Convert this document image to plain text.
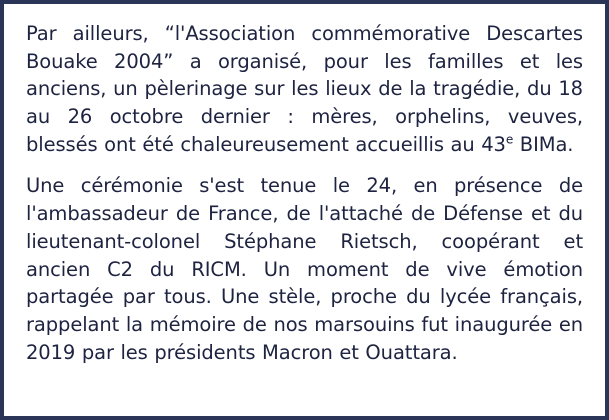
Par ailleurs, “l'Association commémorative Descartes Bouake 2004” a organisé, pour les familles et les anciens, un pèlerinage sur les lieux de la tragédie, du 18 au 26 octobre dernier : mères, orphelins, veuves, blessés ont été chaleureusement accueillis au 43e BIMa.

Une cérémonie s'est tenue le 24, en présence de l'ambassadeur de France, de l'attaché de Défense et du lieutenant-colonel Stéphane Rietsch, coopérant et ancien C2 du RICM. Un moment de vive émotion partagée par tous. Une stèle, proche du lycée français, rappelant la mémoire de nos marsouins fut inaugurée en 2019 par les présidents Macron et Ouattara.
